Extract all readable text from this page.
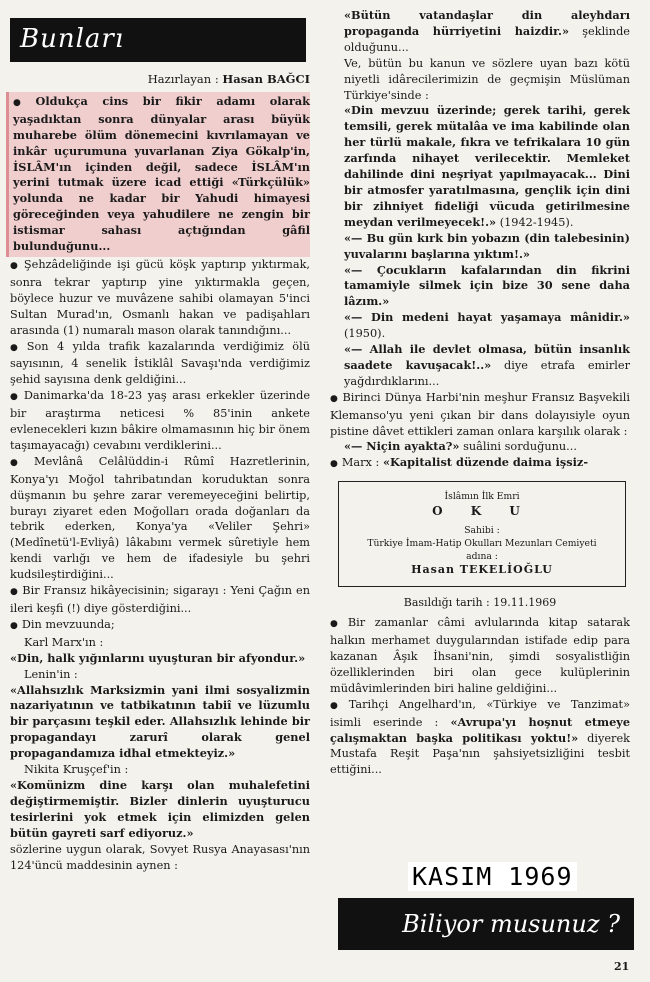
Bunları
Hazırlayan : Hasan BAĞCI

● Oldukça cins bir fikir adamı olarak yaşadıktan sonra dünyalar arası büyük muharebe ölüm dönemecini kıvrılamayan ve inkâr uçurumuna yuvarlanan Ziya Gökalp'in, İSLÂM'ın içinden değil, sadece İSLÂM'ın yerini tutmak üzere icad ettiği «Türkçülük» yolunda ne kadar bir Yahudi himayesi göreceğinden veya yahudilere ne zengin bir istismar sahası açtığından gâfil bulunduğunu...

● Şehzâdeliğinde işi gücü köşk yaptırıp yıktırmak, sonra tekrar yaptırıp yine yıktırmakla geçen, böylece huzur ve muvâzene sahibi olamayan 5'inci Sultan Murad'ın, Osmanlı hakan ve padişahları arasında (1) numaralı mason olarak tanındığını...

● Son 4 yılda trafik kazalarında verdiğimiz ölü sayısının, 4 senelik İstiklâl Savaşı'nda verdiğimiz şehid sayısına denk geldiğini...

● Danimarka'da 18-23 yaş arası erkekler üzerinde bir araştırma neticesi % 85'inin ankete evlenecekleri kızın bâkire olmamasının hiç bir önem taşımayacağı) cevabını verdiklerini...

● Mevlânâ Celâlüddin-i Rûmî Hazretlerinin, Konya'yı Moğol tahribatından koruduktan sonra düşmanın bu şehre zarar veremeyeceğini belirtip, burayı ziyaret eden Moğolları orada doğanları da tebrik ederken, Konya'ya «Veliler Şehri» (Medînetü'l-Evliyâ) lâkabını vermek sûretiyle hem kendi varlığı ve hem de ifadesiyle bu şehri kudsileştirdiğini...

● Bir Fransız hikâyecisinin; sigarayı : Yeni Çağın en ileri keşfi (!) diye gösterdiğini...

● Din mevzuunda;

Karl Marx'ın :

«Din, halk yığınlarını uyuşturan bir afyondur.»

Lenin'in :

«Allahsızlık Marksizmin yani ilmi sosyalizmin nazariyatının ve tatbikatının tabiî ve lüzumlu bir parçasını teşkil eder. Allahsızlık lehinde bir propagandayı zarurî olarak genel propagandamıza idhal etmekteyiz.»

Nikita Kruşçef'in :

«Komünizm dine karşı olan muhalefetini değiştirmemiştir. Bizler dinlerin uyuşturucu tesirlerini yok etmek için elimizden gelen bütün gayreti sarf ediyoruz.»

sözlerine uygun olarak, Sovyet Rusya Anayasası'nın 124'üncü maddesinin aynen :

«Bütün vatandaşlar din aleyhdarı propaganda hürriyetini haizdir.» şeklinde olduğunu...

Ve, bütün bu kanun ve sözlere uyan bazı kötü niyetli idârecilerimizin de geçmişin Müslüman Türkiye'sinde :

«Din mevzuu üzerinde; gerek tarihi, gerek temsili, gerek mütalâa ve ima kabilinde olan her türlü makale, fıkra ve tefrikalara 10 gün zarfında nihayet verilecektir. Memleket dahilinde dini neşriyat yapılmayacak... Dini bir atmosfer yaratılmasına, gençlik için dini bir zihniyet fideliği vücuda getirilmesine meydan verilmeyecek!.» (1942-1945).

«— Bu gün kırk bin yobazın (din talebesinin) yuvalarını başlarına yıktım!.»

«— Çocukların kafalarından din fikrini tamamiyle silmek için bize 30 sene daha lâzım.»

«— Din medeni hayat yaşamaya mânidir.» (1950).

«— Allah ile devlet olmasa, bütün insanlık saadete kavuşacak!..» diye etrafa emirler yağdırdıklarını...

● Birinci Dünya Harbi'nin meşhur Fransız Başvekili Klemanso'yu yeni çıkan bir dans dolayısiyle oyun pistine dâvet ettikleri zaman onlara karşılık olarak :

«— Niçin ayakta?» suâlini sorduğunu...

● Marx : «Kapitalist düzende daima işsiz-

İslâmın İlk Emri
O K U
Sahibi :
Türkiye İmam-Hatip Okulları Mezunları Cemiyeti
adına :
Hasan TEKELİOĞLU
Basıldığı tarih : 19.11.1969

● Bir zamanlar câmi avlularında kitap satarak halkın merhamet duygularından istifade edip para kazanan Âşık İhsani'nin, şimdi sosyalistliğin özelliklerinden biri olan gece kulüplerinin müdâvimlerinden biri haline geldiğini...

● Tarihçi Angelhard'ın, «Türkiye ve Tanzimat» isimli eserinde : «Avrupa'yı hoşnut etmeye çalışmaktan başka politikası yoktu!» diyerek Mustafa Reşit Paşa'nın şahsiyetsizliğini tesbit ettiğini...

KASIM 1969
Biliyor musunuz ?
21
